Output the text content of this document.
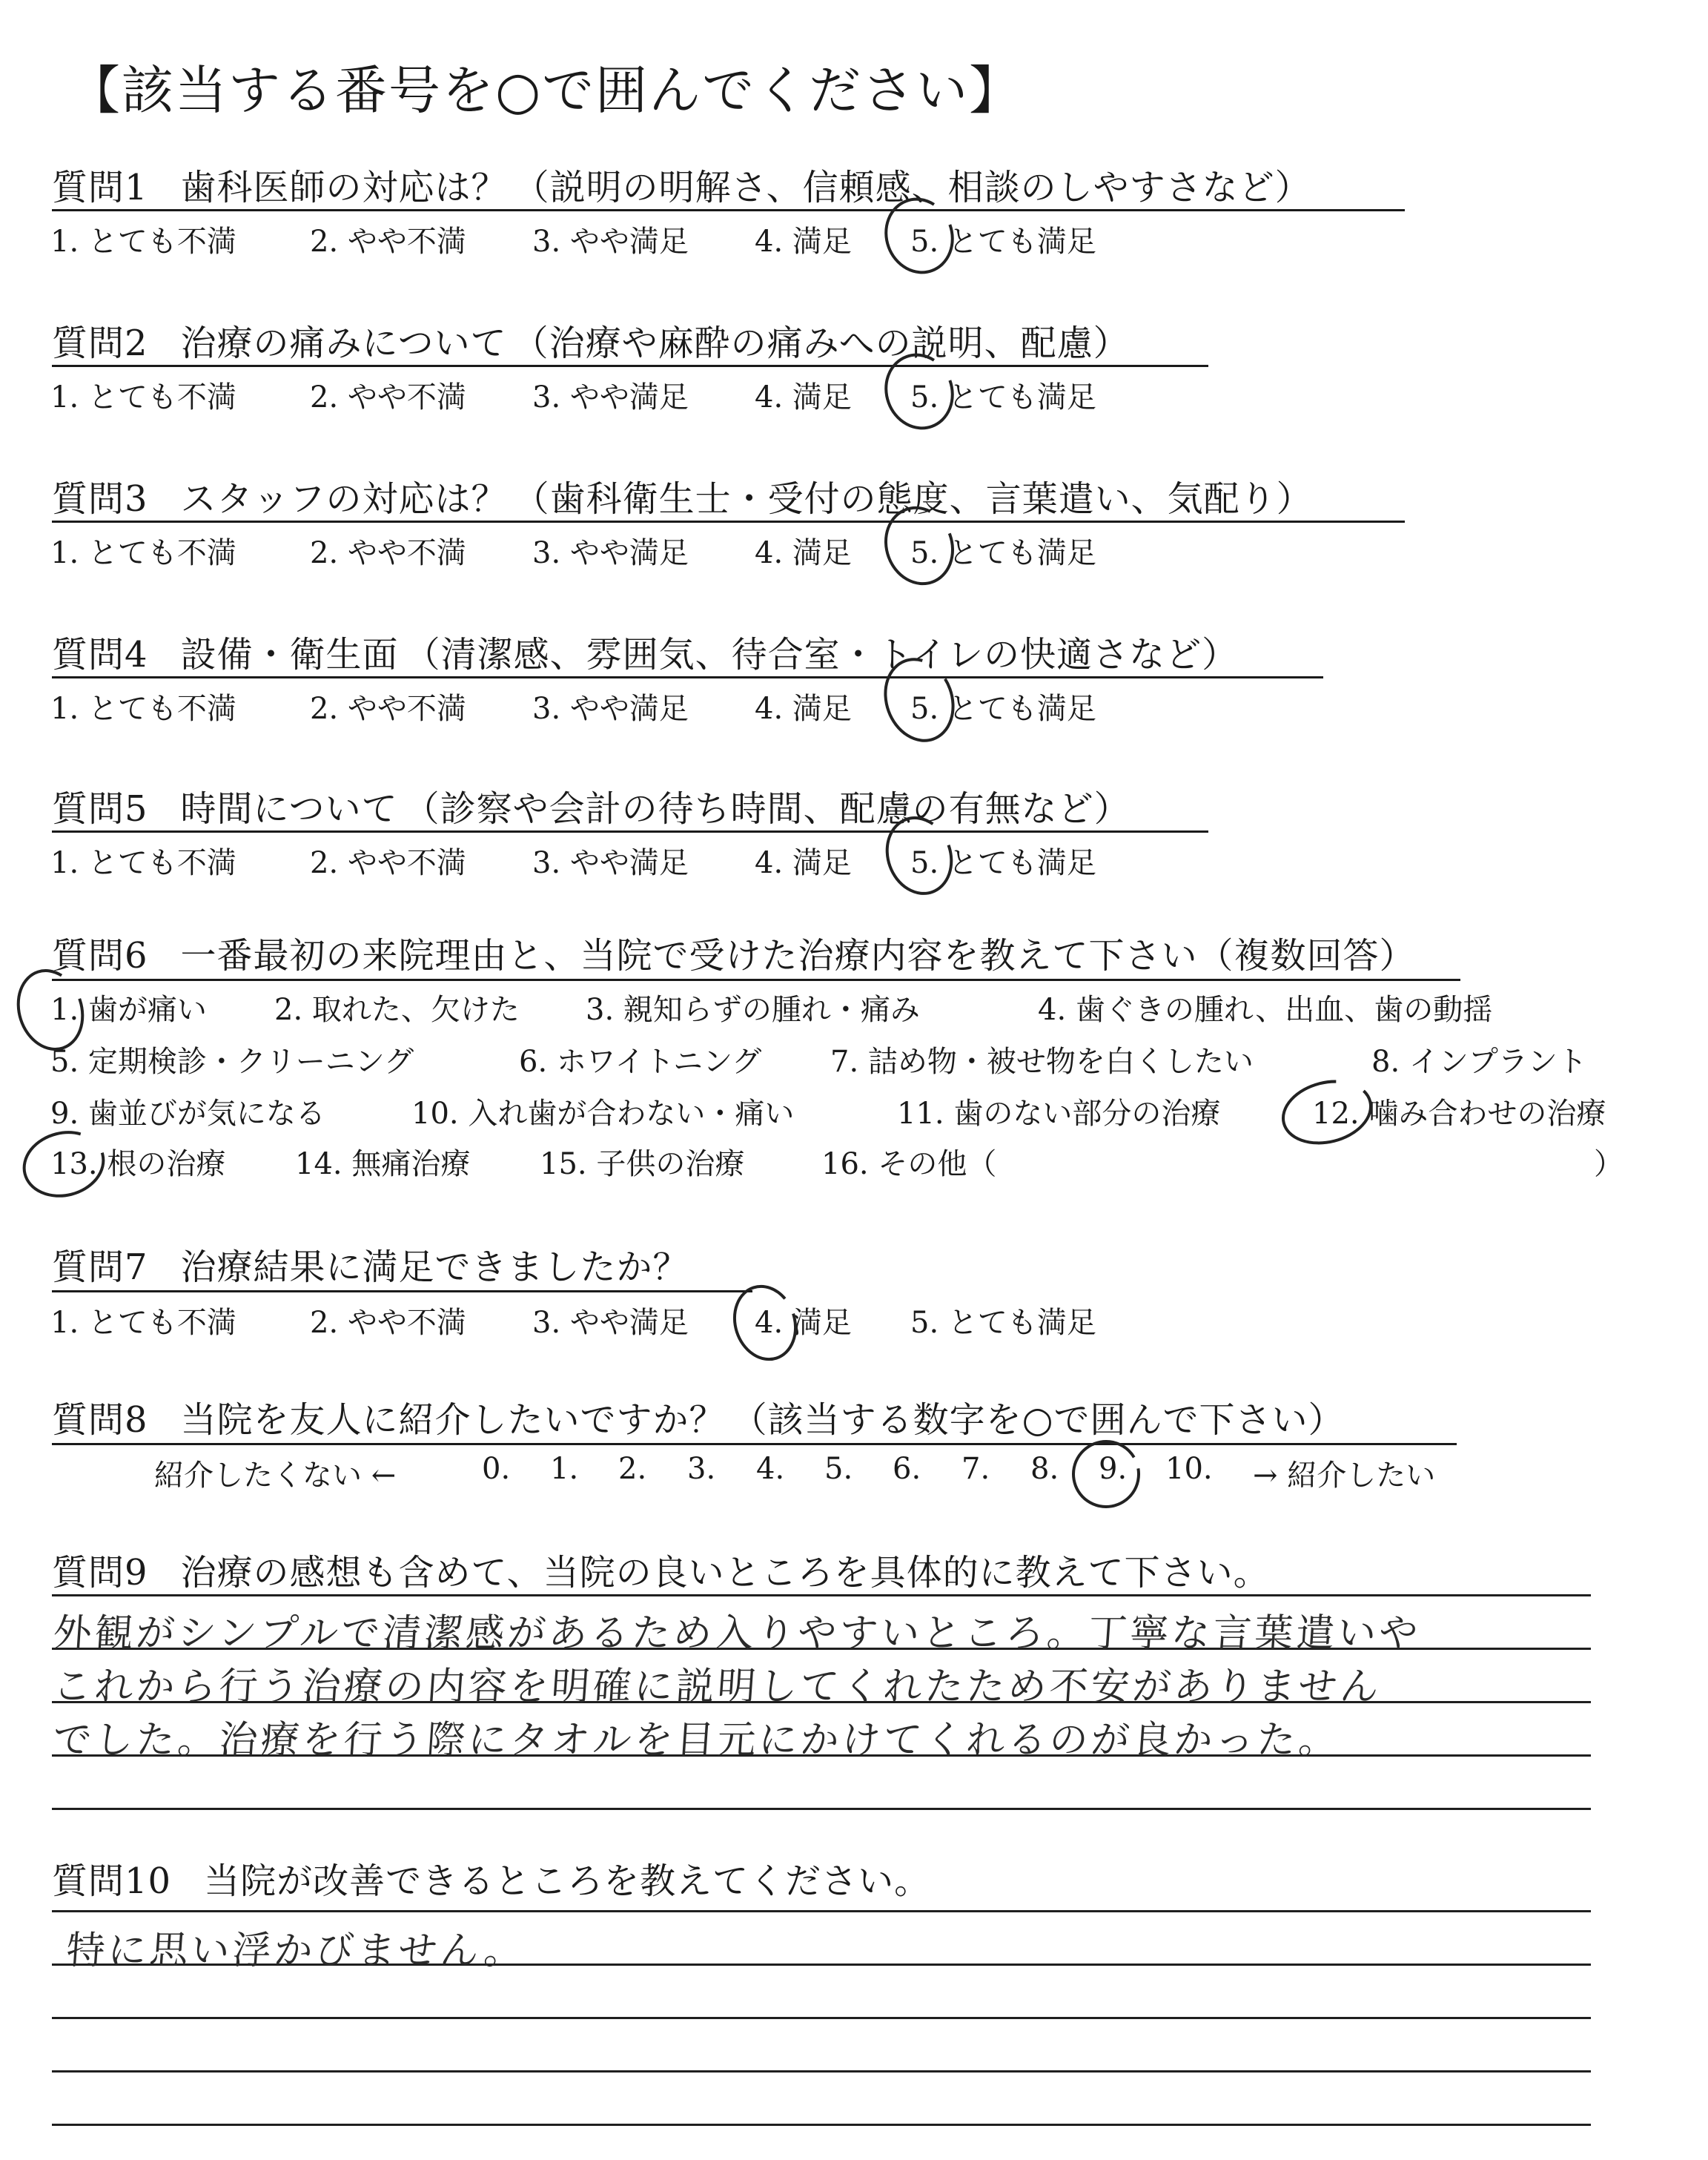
【該当する番号を○で囲んでください】
質問1 歯科医師の対応は？ （説明の明解さ、信頼感、相談のしやすさなど）
1. とても不満 2. やや不満 3. やや満足 4. 満足 5. とても満足
質問2 治療の痛みについて （治療や麻酔の痛みへの説明、配慮）
1. とても不満 2. やや不満 3. やや満足 4. 満足 5. とても満足
質問3 スタッフの対応は？ （歯科衛生士・受付の態度、言葉遣い、気配り）
1. とても不満 2. やや不満 3. やや満足 4. 満足 5. とても満足
質問4 設備・衛生面 （清潔感、雰囲気、待合室・トイレの快適さなど）
1. とても不満 2. やや不満 3. やや満足 4. 満足 5. とても満足
質問5 時間について （診察や会計の待ち時間、配慮の有無など）
1. とても不満 2. やや不満 3. やや満足 4. 満足 5. とても満足
質問6 一番最初の来院理由と、当院で受けた治療内容を教えて下さい（複数回答）
1. 歯が痛い 2. 取れた、欠けた 3. 親知らずの腫れ・痛み	4. 歯ぐきの腫れ、出血、歯の動揺
5. 定期検診・クリーニング	6. ホワイトニング 7. 詰め物・被せ物を白くしたい	8. インプラント
9. 歯並びが気になる	10. 入れ歯が合わない・痛い	11. 歯のない部分の治療	12. 噛み合わせの治療
13. 根の治療 14. 無痛治療 15. 子供の治療	16. その他（	）
質問7 治療結果に満足できましたか？
1. とても不満 2. やや不満 3. やや満足 4. 満足 5. とても満足
質問8 当院を友人に紹介したいですか？ （該当する数字を○で囲んで下さい）
紹介したくない ←	0. 1. 2. 3. 4. 5. 6. 7. 8. 9. 10. → 紹介したい
質問9 治療の感想も含めて、当院の良いところを具体的に教えて下さい。
外観がシンプルで清潔感があるため入りやすいところ。丁寧な言葉遣いや
これから行う治療の内容を明確に説明してくれたため不安がありません
でした。治療を行う際にタオルを目元にかけてくれるのが良かった。
質問10 当院が改善できるところを教えてください。
特に思い浮かびません。
